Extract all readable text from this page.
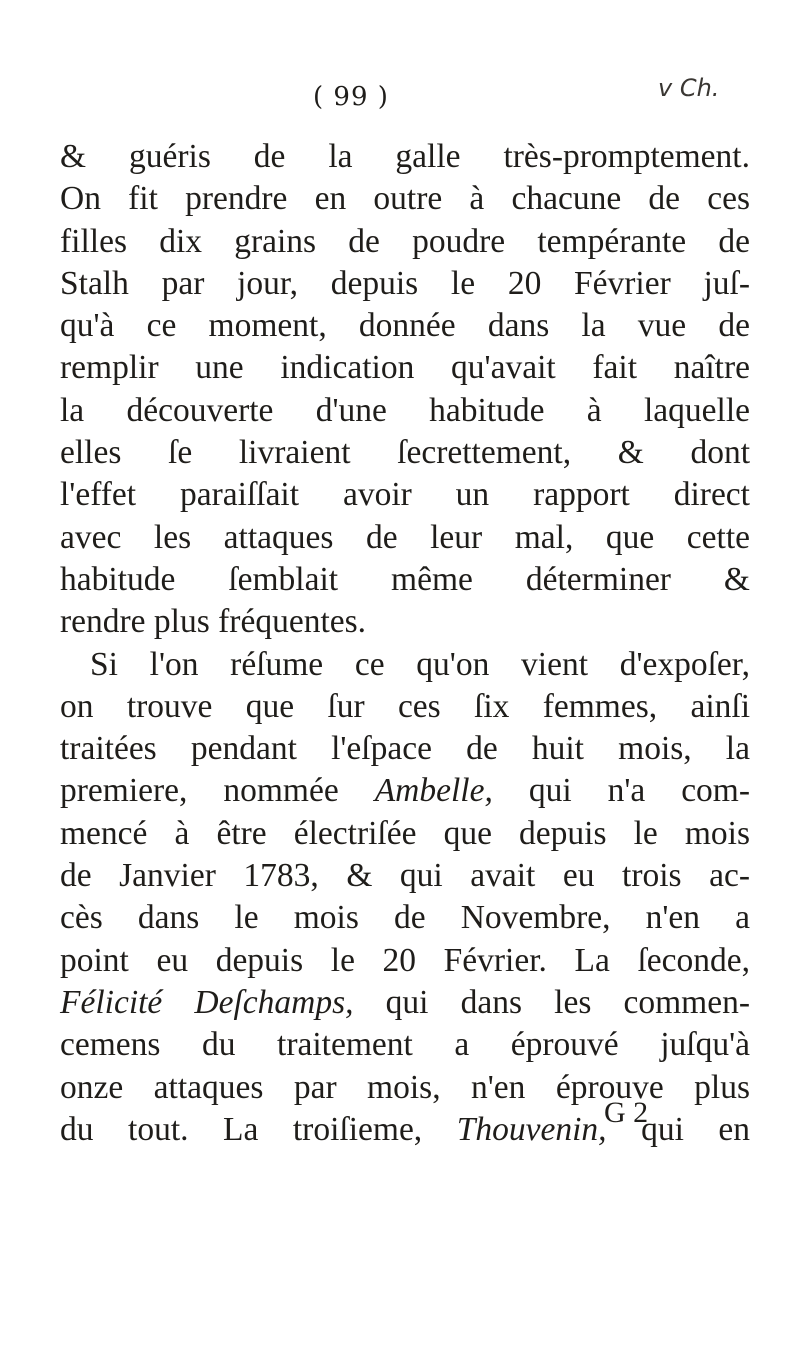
( 99 )	v Ch.
& guéris de la galle très-promptement.
On fit prendre en outre à chacune de ces
filles dix grains de poudre tempérante de
Stalh par jour, depuis le 20 Février juſ-
qu'à ce moment, donnée dans la vue de
remplir une indication qu'avait fait naître
la découverte d'une habitude à laquelle
elles ſe livraient ſecrettement, & dont
l'effet paraiſſait avoir un rapport direct
avec les attaques de leur mal, que cette
habitude ſemblait même déterminer &
rendre plus fréquentes.
Si l'on réſume ce qu'on vient d'expoſer,
on trouve que ſur ces ſix femmes, ainſi
traitées pendant l'eſpace de huit mois, la
premiere, nommée Ambelle, qui n'a com-
mencé à être électriſée que depuis le mois
de Janvier 1783, & qui avait eu trois ac-
cès dans le mois de Novembre, n'en a
point eu depuis le 20 Février. La ſeconde,
Félicité Deſchamps, qui dans les commen-
cemens du traitement a éprouvé juſqu'à
onze attaques par mois, n'en éprouve plus
du tout. La troiſieme, Thouvenin, qui en
G 2
